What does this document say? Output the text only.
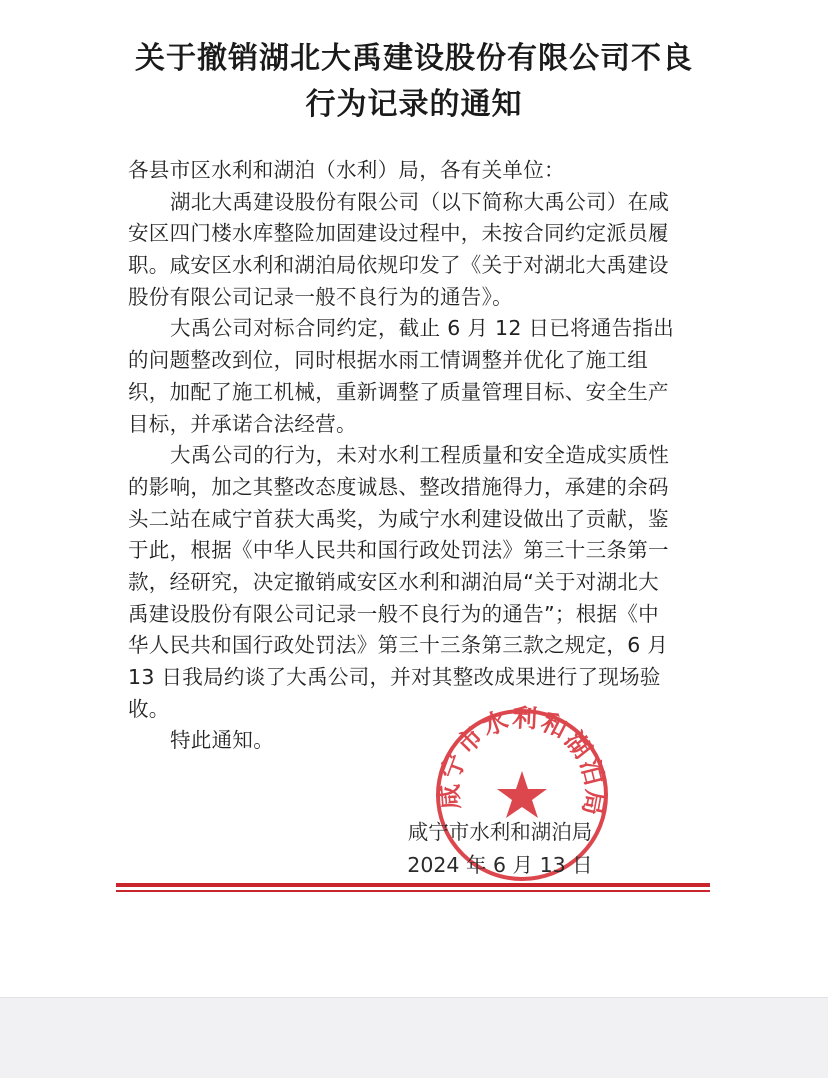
关于撤销湖北大禹建设股份有限公司不良
行为记录的通知
各县市区水利和湖泊（水利）局，各有关单位：
湖北大禹建设股份有限公司（以下简称大禹公司）在咸
安区四门楼水库整险加固建设过程中，未按合同约定派员履
职。咸安区水利和湖泊局依规印发了《关于对湖北大禹建设
股份有限公司记录一般不良行为的通告》。
大禹公司对标合同约定，截止 6 月 12 日已将通告指出
的问题整改到位，同时根据水雨工情调整并优化了施工组
织，加配了施工机械，重新调整了质量管理目标、安全生产
目标，并承诺合法经营。
大禹公司的行为，未对水利工程质量和安全造成实质性
的影响，加之其整改态度诚恳、整改措施得力，承建的余码
头二站在咸宁首获大禹奖，为咸宁水利建设做出了贡献，鉴
于此，根据《中华人民共和国行政处罚法》第三十三条第一
款，经研究，决定撤销咸安区水利和湖泊局“关于对湖北大
禹建设股份有限公司记录一般不良行为的通告”；根据《中
华人民共和国行政处罚法》第三十三条第三款之规定，6 月
13 日我局约谈了大禹公司，并对其整改成果进行了现场验
收。
特此通知。
咸宁市水利和湖泊局
咸宁市水利和湖泊局
2024 年 6 月 13 日
